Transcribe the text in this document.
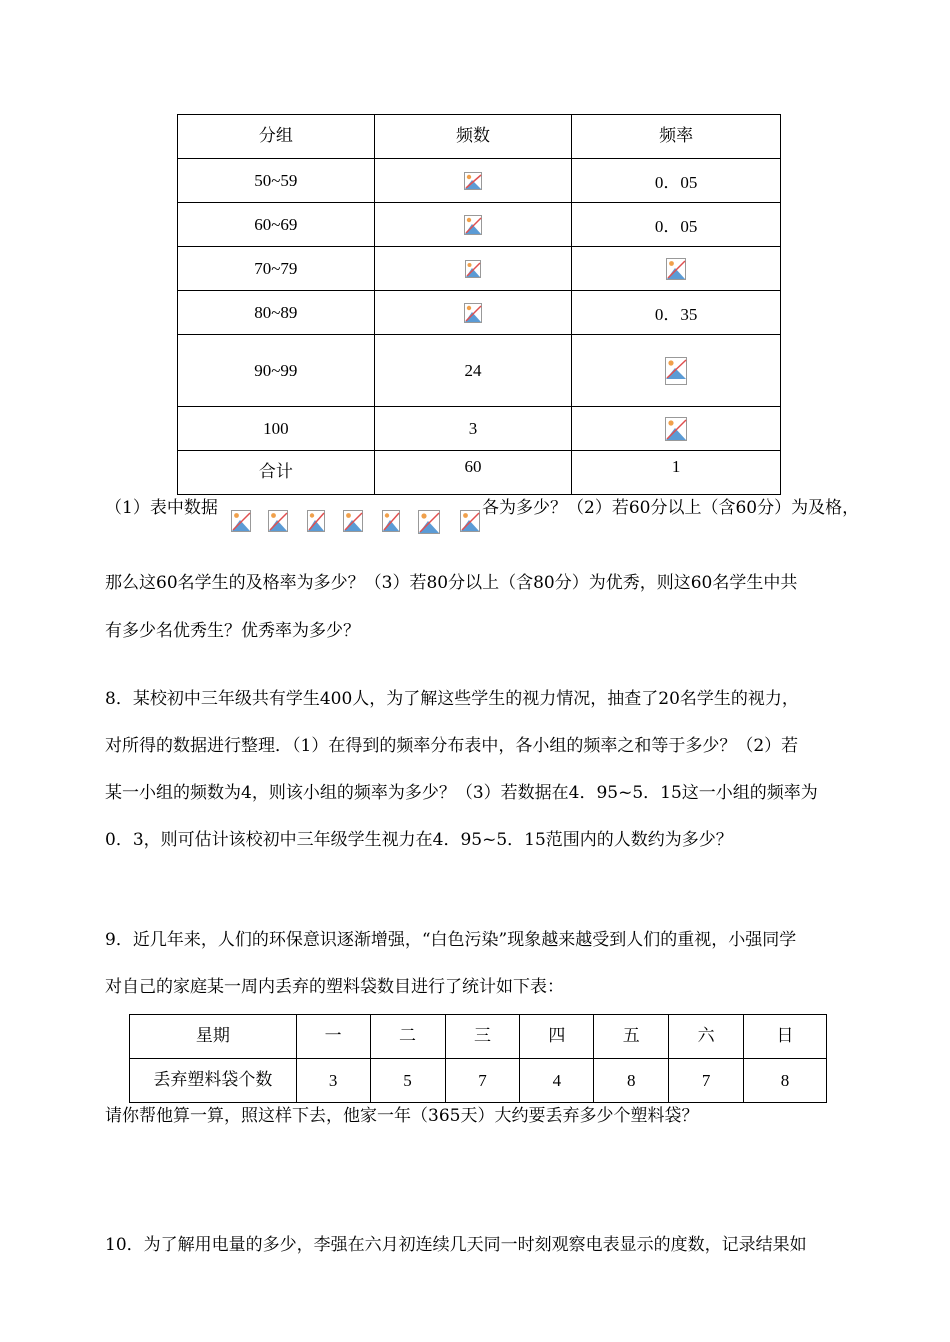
分组	频数	频率
50~59		0．05
60~69		0．05
70~79		
80~89		0．35
90~99	24	
100	3	
合计	60	1
（1）表中数据	各为多少？（2）若60分以上（含60分）为及格，
那么这60名学生的及格率为多少？（3）若80分以上（含80分）为优秀，则这60名学生中共
有多少名优秀生？优秀率为多少？
8．某校初中三年级共有学生400人，为了解这些学生的视力情况，抽查了20名学生的视力，
对所得的数据进行整理．（1）在得到的频率分布表中，各小组的频率之和等于多少？（2）若
某一小组的频数为4，则该小组的频率为多少？（3）若数据在4．95~5．15这一小组的频率为
0．3，则可估计该校初中三年级学生视力在4．95~5．15范围内的人数约为多少？
9．近几年来，人们的环保意识逐渐增强，“白色污染”现象越来越受到人们的重视，小强同学
对自己的家庭某一周内丢弃的塑料袋数目进行了统计如下表：
星期	一	二	三	四	五	六	日
丢弃塑料袋个数	3	5	7	4	8	7	8
请你帮他算一算，照这样下去，他家一年（365天）大约要丢弃多少个塑料袋？
10．为了解用电量的多少，李强在六月初连续几天同一时刻观察电表显示的度数，记录结果如
